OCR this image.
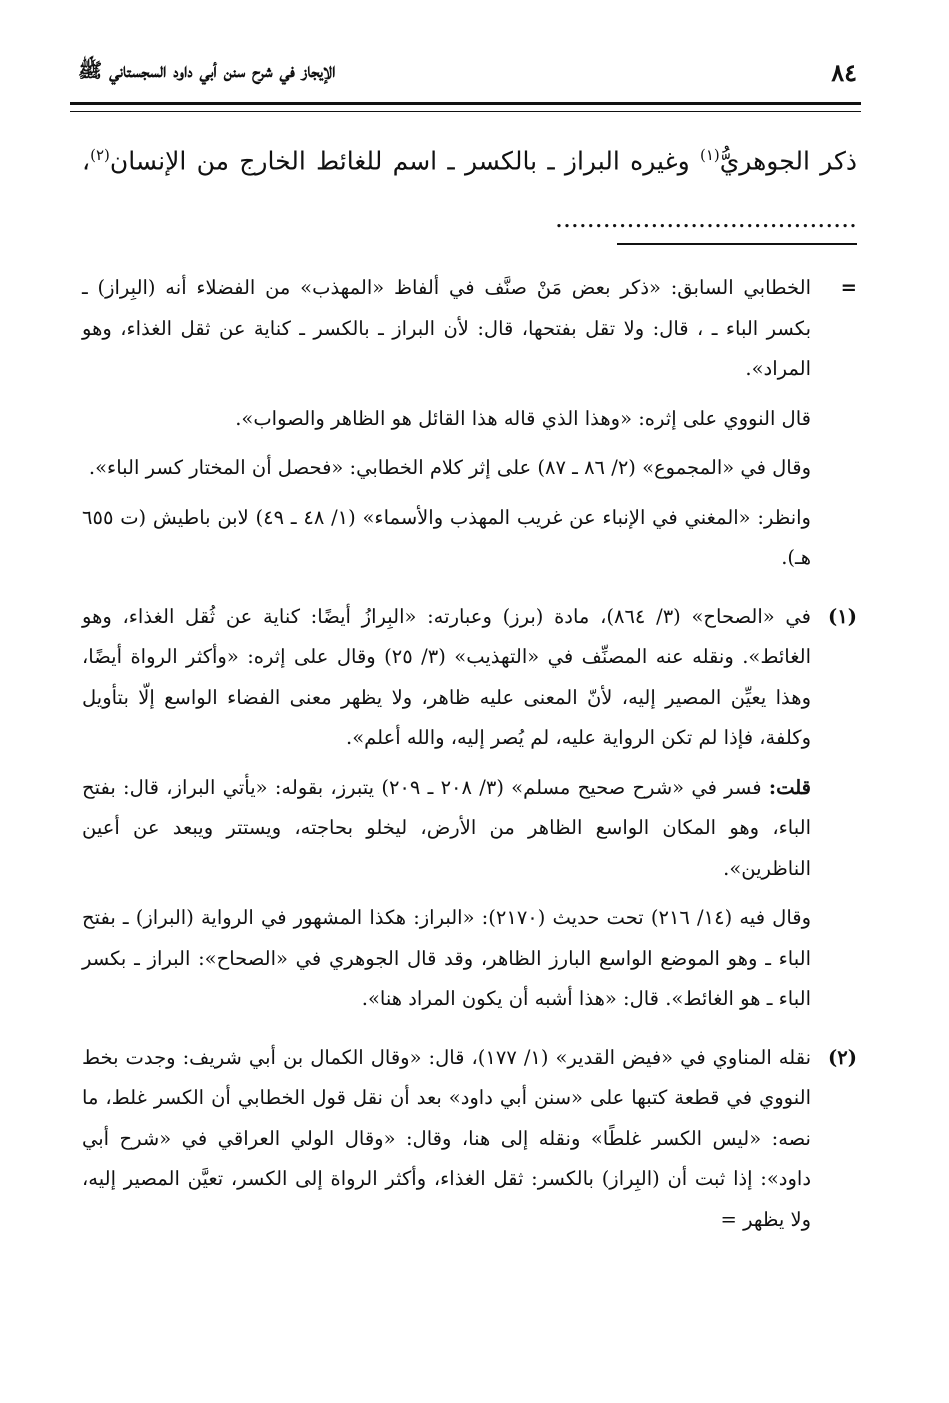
٨٤
الإيجاز في شرح سنن أبي داود السجستاني ﷺ
ذكر الجوهريُّ$^{(١)}$ وغيره البراز ـ بالكسر ـ اسم للغائط الخارج من الإنسان$^{(٢)}$، ......................................
=

الخطابي السابق: «ذكر بعض مَنْ صنَّف في ألفاظ «المهذب» من الفضلاء أنه (البِراز) ـ بكسر الباء ـ ، قال: ولا تقل بفتحها، قال: لأن البراز ـ بالكسر ـ كناية عن ثقل الغذاء، وهو المراد».

قال النووي على إثره: «وهذا الذي قاله هذا القائل هو الظاهر والصواب».

وقال في «المجموع» (٢/ ٨٦ ـ ٨٧) على إثر كلام الخطابي: «فحصل أن المختار كسر الباء».

وانظر: «المغني في الإنباء عن غريب المهذب والأسماء» (١/ ٤٨ ـ ٤٩) لابن باطيش (ت ٦٥٥ هـ).

(١)

في «الصحاح» (٣/ ٨٦٤)، مادة (برز) وعبارته: «البِرازُ أيضًا: كناية عن ثُقل الغذاء، وهو الغائط». ونقله عنه المصنِّف في «التهذيب» (٣/ ٢٥) وقال على إثره: «وأكثر الرواة أيضًا، وهذا يعيِّن المصير إليه، لأنّ المعنى عليه ظاهر، ولا يظهر معنى الفضاء الواسع إلّا بتأويل وكلفة، فإذا لم تكن الرواية عليه، لم يُصر إليه، والله أعلم».

قلت: فسر في «شرح صحيح مسلم» (٣/ ٢٠٨ ـ ٢٠٩) يتبرز، بقوله: «يأتي البراز، قال: بفتح الباء، وهو المكان الواسع الظاهر من الأرض، ليخلو بحاجته، ويستتر ويبعد عن أعين الناظرين».

وقال فيه (١٤/ ٢١٦) تحت حديث (٢١٧٠): «البراز: هكذا المشهور في الرواية (البراز) ـ بفتح الباء ـ وهو الموضع الواسع البارز الظاهر، وقد قال الجوهري في «الصحاح»: البراز ـ بكسر الباء ـ هو الغائط». قال: «هذا أشبه أن يكون المراد هنا».

(٢)

نقله المناوي في «فيض القدير» (١/ ١٧٧)، قال: «وقال الكمال بن أبي شريف: وجدت بخط النووي في قطعة كتبها على «سنن أبي داود» بعد أن نقل قول الخطابي أن الكسر غلط، ما نصه: «ليس الكسر غلطًا» ونقله إلى هنا، وقال: «وقال الولي العراقي في «شرح أبي داود»: إذا ثبت أن (البِراز) بالكسر: ثقل الغذاء، وأكثر الرواة إلى الكسر، تعيَّن المصير إليه، ولا يظهر =
